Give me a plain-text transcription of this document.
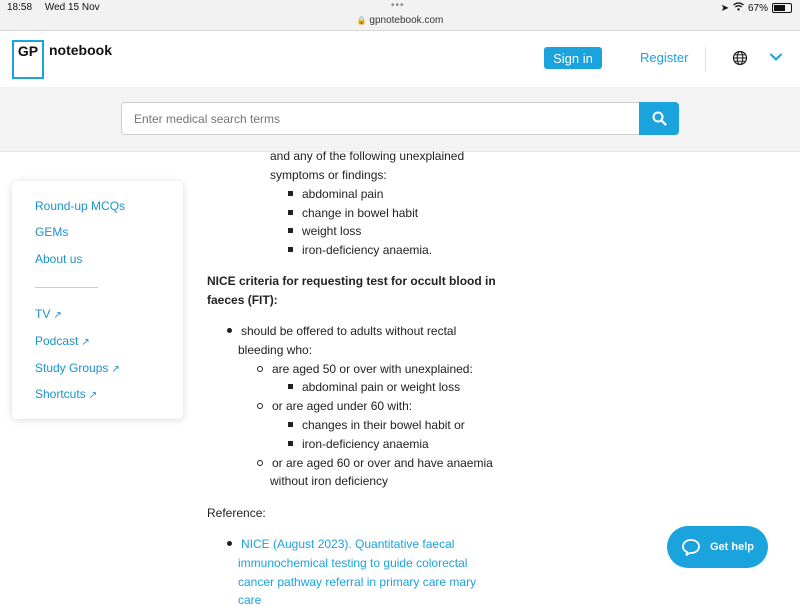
18:58 Wed 15 Nov	•••
🔒 gpnotebook.com
➤ 67%
GP notebook	Sign in	Register
Enter medical search terms
Round-up MCQs
GEMs
About us
TV ↗
Podcast ↗
Study Groups ↗
Shortcuts ↗
and any of the following unexplained
symptoms or findings:
abdominal pain
change in bowel habit
weight loss
iron-deficiency anaemia.
NICE criteria for requesting test for occult blood in
faeces (FIT):
should be offered to adults without rectal
bleeding who:
are aged 50 or over with unexplained:
abdominal pain or weight loss
or are aged under 60 with:
changes in their bowel habit or
iron-deficiency anaemia
or are aged 60 or over and have anaemia
without iron deficiency
Reference:
NICE (August 2023). Quantitative faecal
immunochemical testing to guide colorectal
cancer pathway referral in primary care mary
care
Get help
